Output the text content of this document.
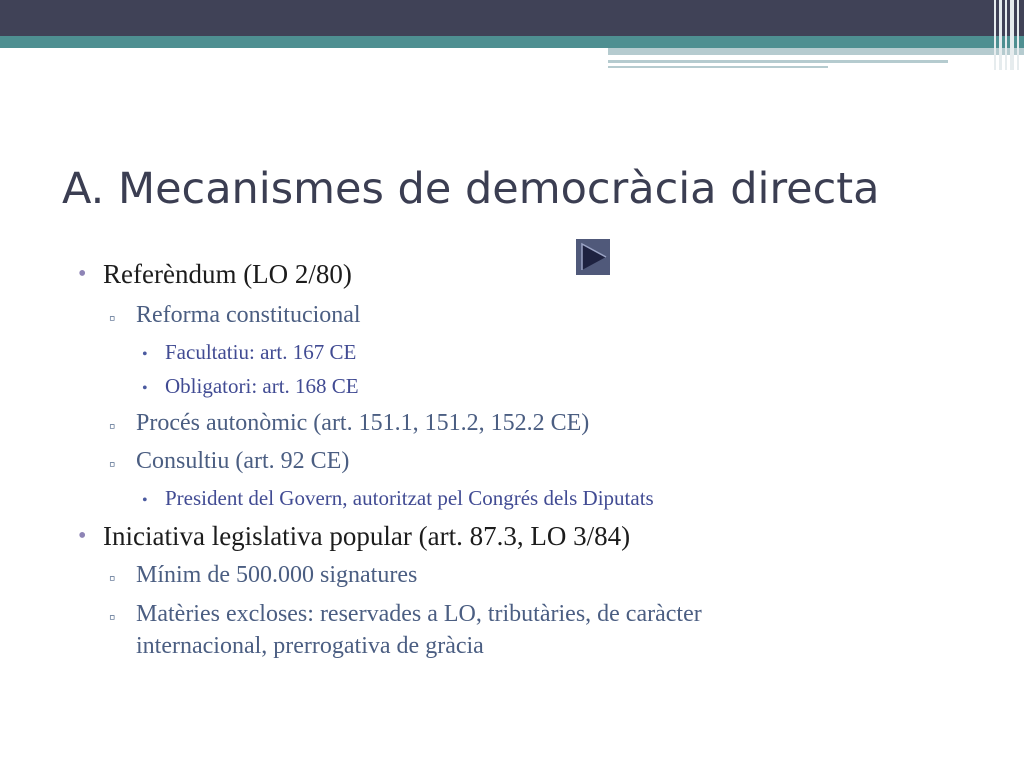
A. Mecanismes de democràcia directa
• Referèndum (LO 2/80)
▫ Reforma constitucional
• Facultatiu: art. 167 CE
• Obligatori: art. 168 CE
▫ Procés autonòmic (art. 151.1, 151.2, 152.2 CE)
▫ Consultiu (art. 92 CE)
• President del Govern, autoritzat pel Congrés dels Diputats
• Iniciativa legislativa popular (art. 87.3, LO 3/84)
▫ Mínim de 500.000 signatures
▫ Matèries excloses: reservades a LO, tributàries, de caràcter
internacional, prerrogativa de gràcia
